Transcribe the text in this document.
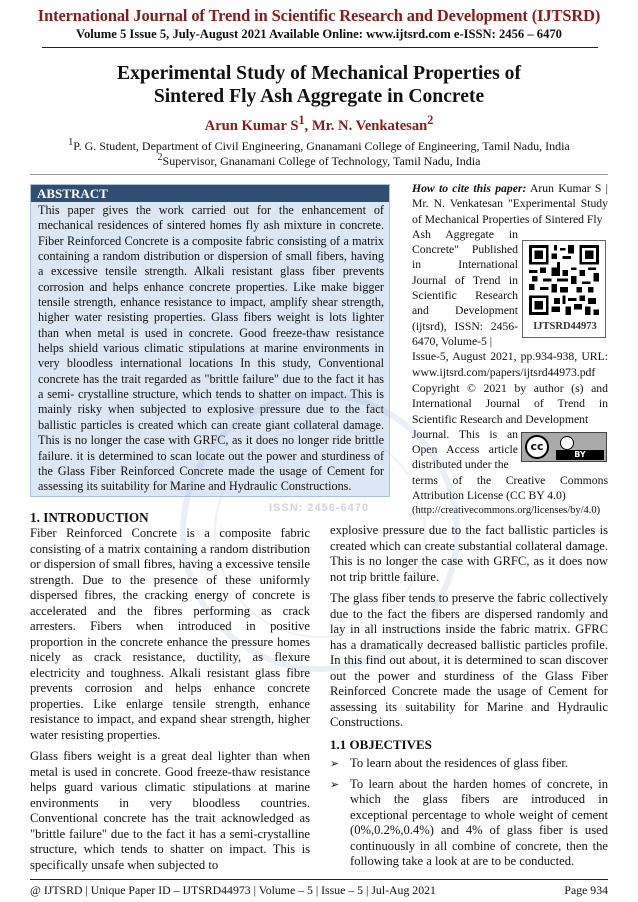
International Journal of Trend in Scientific Research and Development (IJTSRD)
Volume 5 Issue 5, July-August 2021 Available Online: www.ijtsrd.com e-ISSN: 2456 – 6470
Experimental Study of Mechanical Properties of
Sintered Fly Ash Aggregate in Concrete
Arun Kumar $S^1$, Mr. N. Venkatesan$^2$
$^1$P. G. Student, Department of Civil Engineering, Gnanamani College of Engineering, Tamil Nadu, India
$^2$Supervisor, Gnanamani College of Technology, Tamil Nadu, India
ABSTRACT
This paper gives the work carried out for the enhancement of mechanical residences of sintered homes fly ash mixture in concrete. Fiber Reinforced Concrete is a composite fabric consisting of a matrix containing a random distribution or dispersion of small fibers, having a excessive tensile strength. Alkali resistant glass fiber prevents corrosion and helps enhance concrete properties. Like make bigger tensile strength, enhance resistance to impact, amplify shear strength, higher water resisting properties. Glass fibers weight is lots lighter than when metal is used in concrete. Good freeze-thaw resistance helps shield various climatic stipulations at marine environments in very bloodless international locations In this study, Conventional concrete has the trait regarded as "brittle failure" due to the fact it has a semi- crystalline structure, which tends to shatter on impact. This is mainly risky when subjected to explosive pressure due to the fact ballistic particles is created which can create giant collateral damage. This is no longer the case with GRFC, as it does no longer ride brittle failure. it is determined to scan locate out the power and sturdiness of the Glass Fiber Reinforced Concrete made the usage of Cement for assessing its suitability for Marine and Hydraulic Constructions.
How to cite this paper: Arun Kumar S | Mr. N. Venkatesan "Experimental Study of Mechanical Properties of Sintered Fly
Ash Aggregate in Concrete" Published in International Journal of Trend in Scientific Research and Development (ijtsrd), ISSN: 2456-6470, Volume-5 |
Issue-5, August 2021, pp.934-938, URL: www.ijtsrd.com/papers/ijtsrd44973.pdf
IJTSRD44973
Copyright © 2021 by author (s) and International Journal of Trend in Scientific Research and Development
Journal. This is an Open Access article distributed under the
terms of the Creative Commons Attribution License (CC BY 4.0)
(http://creativecommons.org/licenses/by/4.0)
cc
BY
ISSN: 2456-6470
1. INTRODUCTION

Fiber Reinforced Concrete is a composite fabric consisting of a matrix containing a random distribution or dispersion of small fibres, having a excessive tensile strength. Due to the presence of these uniformly dispersed fibres, the cracking energy of concrete is accelerated and the fibres performing as crack arresters. Fibers when introduced in positive proportion in the concrete enhance the pressure homes nicely as crack resistance, ductility, as flexure electricity and toughness. Alkali resistant glass fibre prevents corrosion and helps enhance concrete properties. Like enlarge tensile strength, enhance resistance to impact, and expand shear strength, higher water resisting properties.

Glass fibers weight is a great deal lighter than when metal is used in concrete. Good freeze-thaw resistance helps guard various climatic stipulations at marine environments in very bloodless countries. Conventional concrete has the trait acknowledged as "brittle failure" due to the fact it has a semi-crystalline structure, which tends to shatter on impact. This is specifically unsafe when subjected to

explosive pressure due to the fact ballistic particles is created which can create substantial collateral damage. This is no longer the case with GRFC, as it does now not trip brittle failure.

The glass fiber tends to preserve the fabric collectively due to the fact the fibers are dispersed randomly and lay in all instructions inside the fabric matrix. GFRC has a dramatically decreased ballistic particles profile. In this find out about, it is determined to scan discover out the power and sturdiness of the Glass Fiber Reinforced Concrete made the usage of Cement for assessing its suitability for Marine and Hydraulic Constructions.

1.1 OBJECTIVES
➢ To learn about the residences of glass fiber.
➢ To learn about the harden homes of concrete, in which the glass fibers are introduced in exceptional percentage to whole weight of cement (0%,0.2%,0.4%) and 4% of glass fiber is used continuously in all combine of concrete, then the following take a look at are to be conducted.
@ IJTSRD | Unique Paper ID – IJTSRD44973 | Volume – 5 | Issue – 5 | Jul-Aug 2021	Page 934
